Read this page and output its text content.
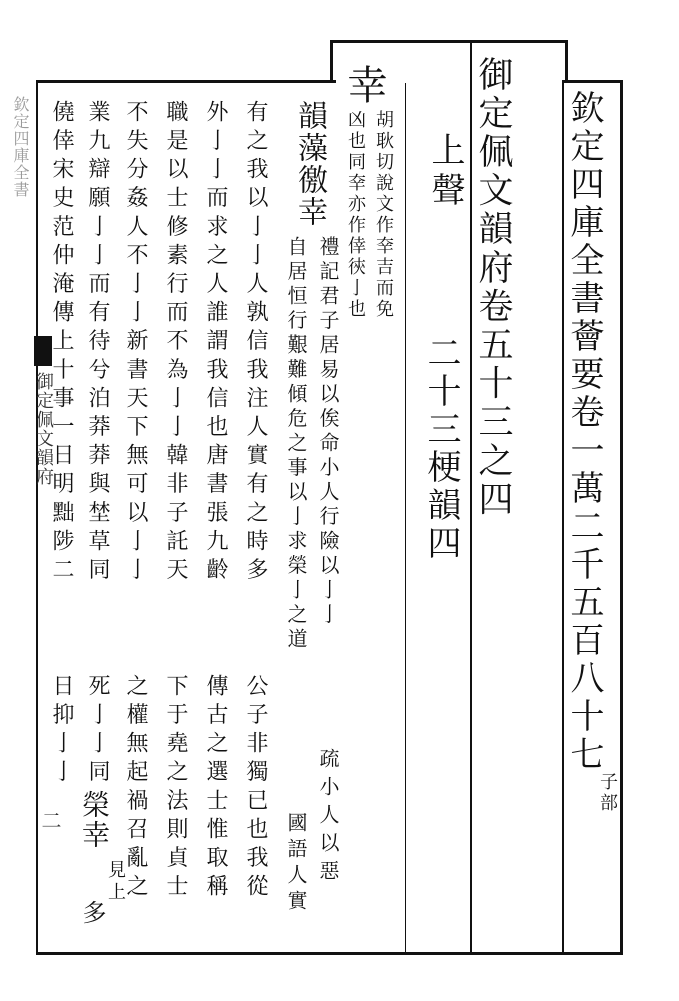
欽定四庫全書
御定佩文韻府
二
欽定四庫全書薈要卷一萬二千五百八十七
子部
御定佩文韻府卷五十三之四
上聲
二十三梗韻四
幸
胡耿切說文作㚔吉而免
凶也同㚔亦作倖㣣亅也
韻藻徼幸
禮記君子居易以俟命小人行險以亅亅
自居恒行艱難傾危之事以亅求榮亅之道
有之我以亅亅人孰信我注人實有之時多
外亅亅而求之人誰謂我信也唐書張九齡
職是以士修素行而不為亅亅韓非子託天
不失分姦人不亅亅新書天下無可以亅亅
業九辯願亅亅而有待兮泊莽莽與埜草同
僥倖宋史范仲淹傳上十事一日明黜陟二
疏小人以惡
國語人實
公子非獨已也我從
傳古之選士惟取稱
下于堯之法則貞士
之權無起禍召亂之
死亅亅同
日抑亅亅
榮幸
見上
多
